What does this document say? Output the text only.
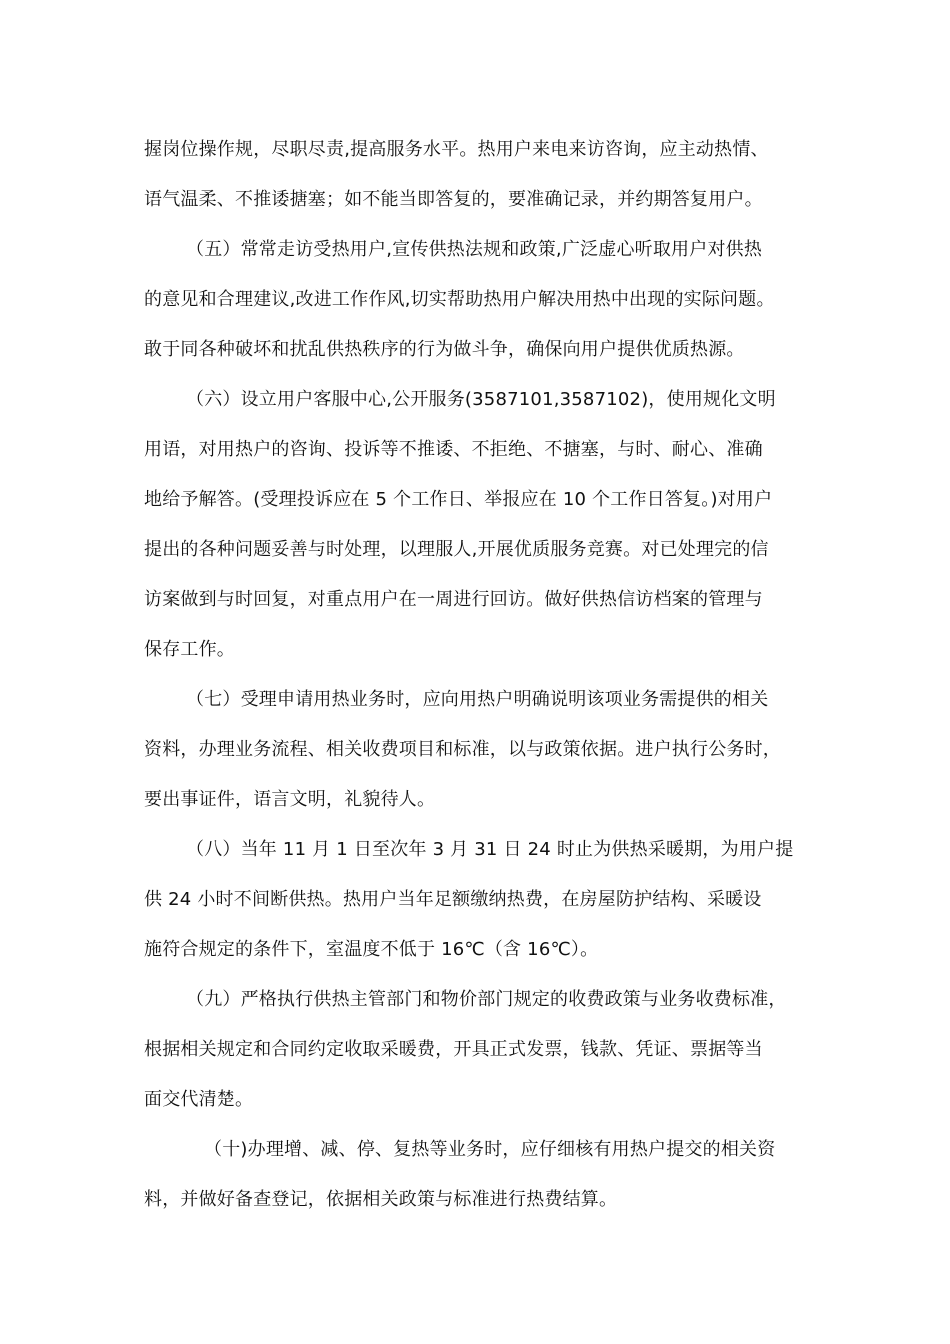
握岗位操作规，尽职尽责,提高服务水平。热用户来电来访咨询，应主动热情、
语气温柔、不推诿搪塞；如不能当即答复的，要准确记录，并约期答复用户。
（五）常常走访受热用户,宣传供热法规和政策,广泛虚心听取用户对供热
的意见和合理建议,改进工作作风,切实帮助热用户解决用热中出现的实际问题。
敢于同各种破坏和扰乱供热秩序的行为做斗争，确保向用户提供优质热源。
（六）设立用户客服中心,公开服务(3587101,3587102)，使用规化文明
用语，对用热户的咨询、投诉等不推诿、不拒绝、不搪塞，与时、耐心、准确
地给予解答。(受理投诉应在 5 个工作日、举报应在 10 个工作日答复。)对用户
提出的各种问题妥善与时处理，以理服人,开展优质服务竞赛。对已处理完的信
访案做到与时回复，对重点用户在一周进行回访。做好供热信访档案的管理与
保存工作。
（七）受理申请用热业务时，应向用热户明确说明该项业务需提供的相关
资料，办理业务流程、相关收费项目和标准，以与政策依据。进户执行公务时，
要出事证件，语言文明，礼貌待人。
（八）当年 11 月 1 日至次年 3 月 31 日 24 时止为供热采暖期，为用户提
供 24 小时不间断供热。热用户当年足额缴纳热费，在房屋防护结构、采暖设
施符合规定的条件下，室温度不低于 16℃（含 16℃）。
（九）严格执行供热主管部门和物价部门规定的收费政策与业务收费标准，
根据相关规定和合同约定收取采暖费，开具正式发票，钱款、凭证、票据等当
面交代清楚。
（十)办理增、减、停、复热等业务时，应仔细核有用热户提交的相关资
料，并做好备查登记，依据相关政策与标准进行热费结算。
